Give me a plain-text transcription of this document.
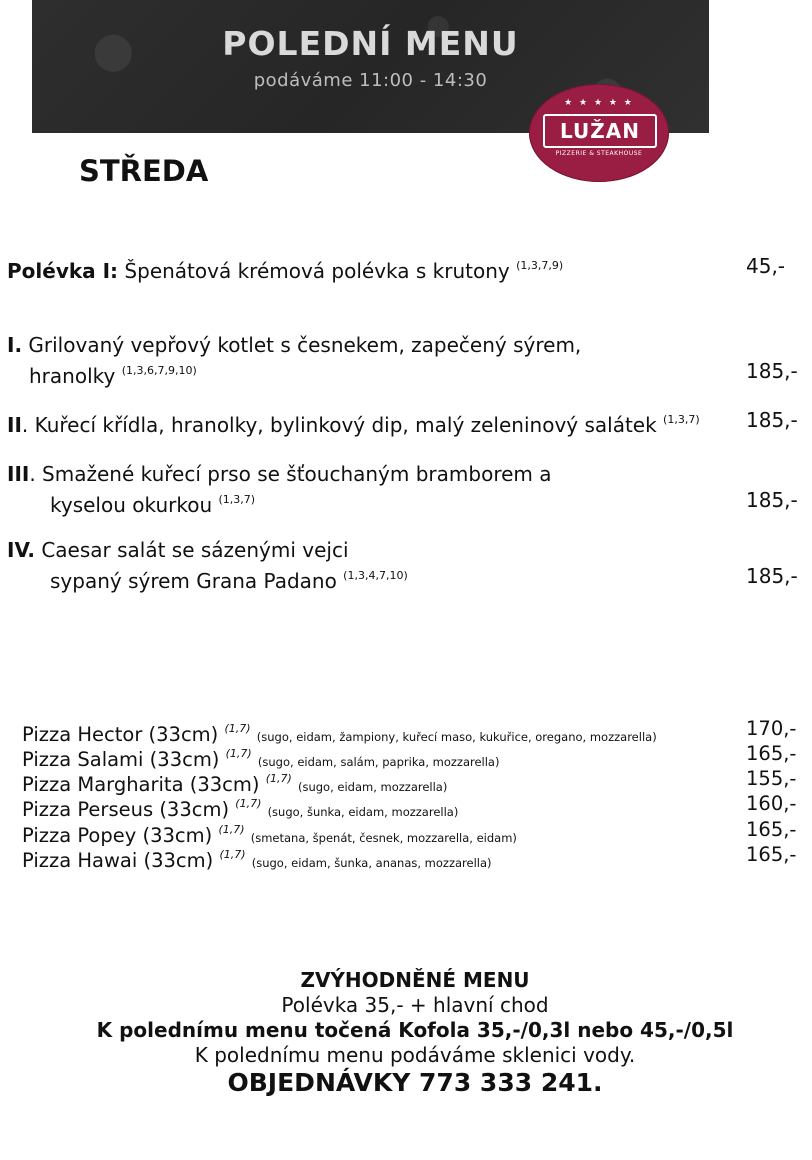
POLEDNÍ MENU
podáváme 11:00 - 14:30
★ ★ ★ ★ ★
LUŽAN
PIZZERIE & STEAKHOUSE
STŘEDA
Polévka I: Špenátová krémová polévka s krutony $^{(1,3,7,9)}$	45,-
I. Grilovaný vepřový kotlet s česnekem, zapečený sýrem,
hranolky $^{(1,3,6,7,9,10)}$	185,-
II. Kuřecí křídla, hranolky, bylinkový dip, malý zeleninový salátek $^{(1,3,7)}$ 185,-
III. Smažené kuřecí prso se šťouchaným bramborem a
kyselou okurkou $^{(1,3,7)}$	185,-
IV. Caesar salát se sázenými vejci
sypaný sýrem Grana Padano $^{(1,3,4,7,10)}$	185,-
Pizza Hector (33cm) $^{(1,7)}$ (sugo, eidam, žampiony, kuřecí maso, kukuřice, oregano, mozzarella)	170,-
Pizza Salami (33cm) $^{(1,7)}$ (sugo, eidam, salám, paprika, mozzarella)	165,-
Pizza Margharita (33cm) $^{(1,7)}$ (sugo, eidam, mozzarella)	155,-
Pizza Perseus (33cm) $^{(1,7)}$ (sugo, šunka, eidam, mozzarella)	160,-
Pizza Popey (33cm) $^{(1,7)}$ (smetana, špenát, česnek, mozzarella, eidam)	165,-
Pizza Hawai (33cm) $^{(1,7)}$ (sugo, eidam, šunka, ananas, mozzarella)	165,-
ZVÝHODNĚNÉ MENU
Polévka 35,- + hlavní chod
K polednímu menu točená Kofola 35,-/0,3l nebo 45,-/0,5l
K polednímu menu podáváme sklenici vody.
OBJEDNÁVKY 773 333 241.
